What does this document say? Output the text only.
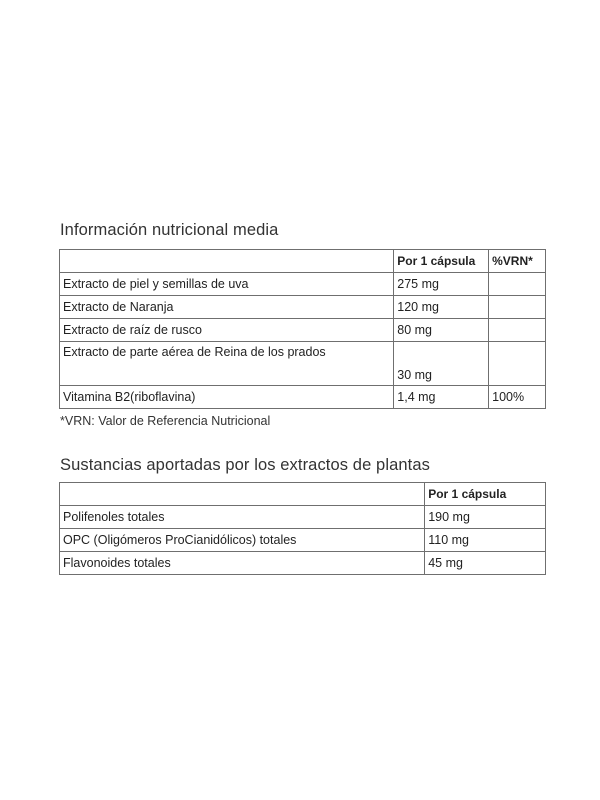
Información nutricional media
	Por 1 cápsula	%VRN*
Extracto de piel y semillas de uva	275 mg	
Extracto de Naranja	120 mg	
Extracto de raíz de rusco	80 mg	
Extracto de parte aérea de Reina de los prados	30 mg	
Vitamina B2(riboflavina)	1,4 mg	100%
*VRN: Valor de Referencia Nutricional
Sustancias aportadas por los extractos de plantas
	Por 1 cápsula
Polifenoles totales	190 mg
OPC (Oligómeros ProCianidólicos) totales	110 mg
Flavonoides totales	45 mg
